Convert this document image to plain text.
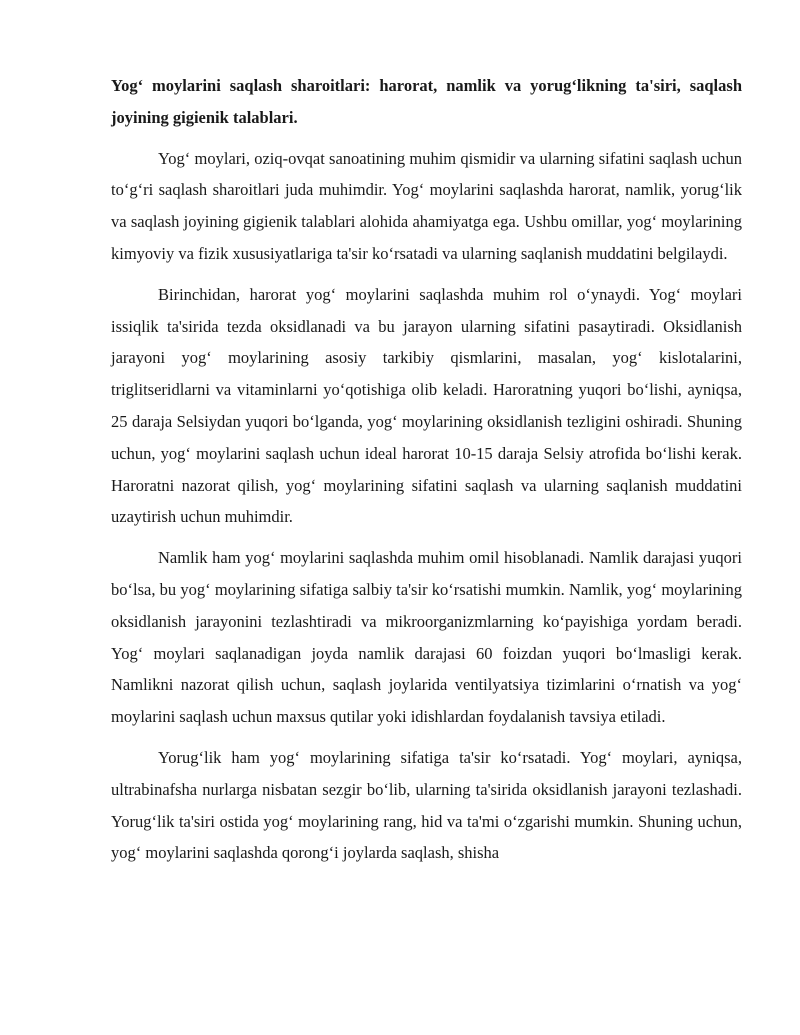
Yog‘ moylarini saqlash sharoitlari: harorat, namlik va yorug‘likning ta'siri, saqlash joyining gigienik talablari.

Yog‘ moylari, oziq-ovqat sanoatining muhim qismidir va ularning sifatini saqlash uchun to‘g‘ri saqlash sharoitlari juda muhimdir. Yog‘ moylarini saqlashda harorat, namlik, yorug‘lik va saqlash joyining gigienik talablari alohida ahamiyatga ega. Ushbu omillar, yog‘ moylarining kimyoviy va fizik xususiyatlariga ta'sir ko‘rsatadi va ularning saqlanish muddatini belgilaydi.

Birinchidan, harorat yog‘ moylarini saqlashda muhim rol o‘ynaydi. Yog‘ moylari issiqlik ta'sirida tezda oksidlanadi va bu jarayon ularning sifatini pasaytiradi. Oksidlanish jarayoni yog‘ moylarining asosiy tarkibiy qismlarini, masalan, yog‘ kislotalarini, triglitseridlarni va vitaminlarni yo‘qotishiga olib keladi. Haroratning yuqori bo‘lishi, ayniqsa, 25 daraja Selsiydan yuqori bo‘lganda, yog‘ moylarining oksidlanish tezligini oshiradi. Shuning uchun, yog‘ moylarini saqlash uchun ideal harorat 10-15 daraja Selsiy atrofida bo‘lishi kerak. Haroratni nazorat qilish, yog‘ moylarining sifatini saqlash va ularning saqlanish muddatini uzaytirish uchun muhimdir.

Namlik ham yog‘ moylarini saqlashda muhim omil hisoblanadi. Namlik darajasi yuqori bo‘lsa, bu yog‘ moylarining sifatiga salbiy ta'sir ko‘rsatishi mumkin. Namlik, yog‘ moylarining oksidlanish jarayonini tezlashtiradi va mikroorganizmlarning ko‘payishiga yordam beradi. Yog‘ moylari saqlanadigan joyda namlik darajasi 60 foizdan yuqori bo‘lmasligi kerak. Namlikni nazorat qilish uchun, saqlash joylarida ventilyatsiya tizimlarini o‘rnatish va yog‘ moylarini saqlash uchun maxsus qutilar yoki idishlardan foydalanish tavsiya etiladi.

Yorug‘lik ham yog‘ moylarining sifatiga ta'sir ko‘rsatadi. Yog‘ moylari, ayniqsa, ultrabinafsha nurlarga nisbatan sezgir bo‘lib, ularning ta'sirida oksidlanish jarayoni tezlashadi. Yorug‘lik ta'siri ostida yog‘ moylarining rang, hid va ta'mi o‘zgarishi mumkin. Shuning uchun, yog‘ moylarini saqlashda qorong‘i joylarda saqlash, shisha
